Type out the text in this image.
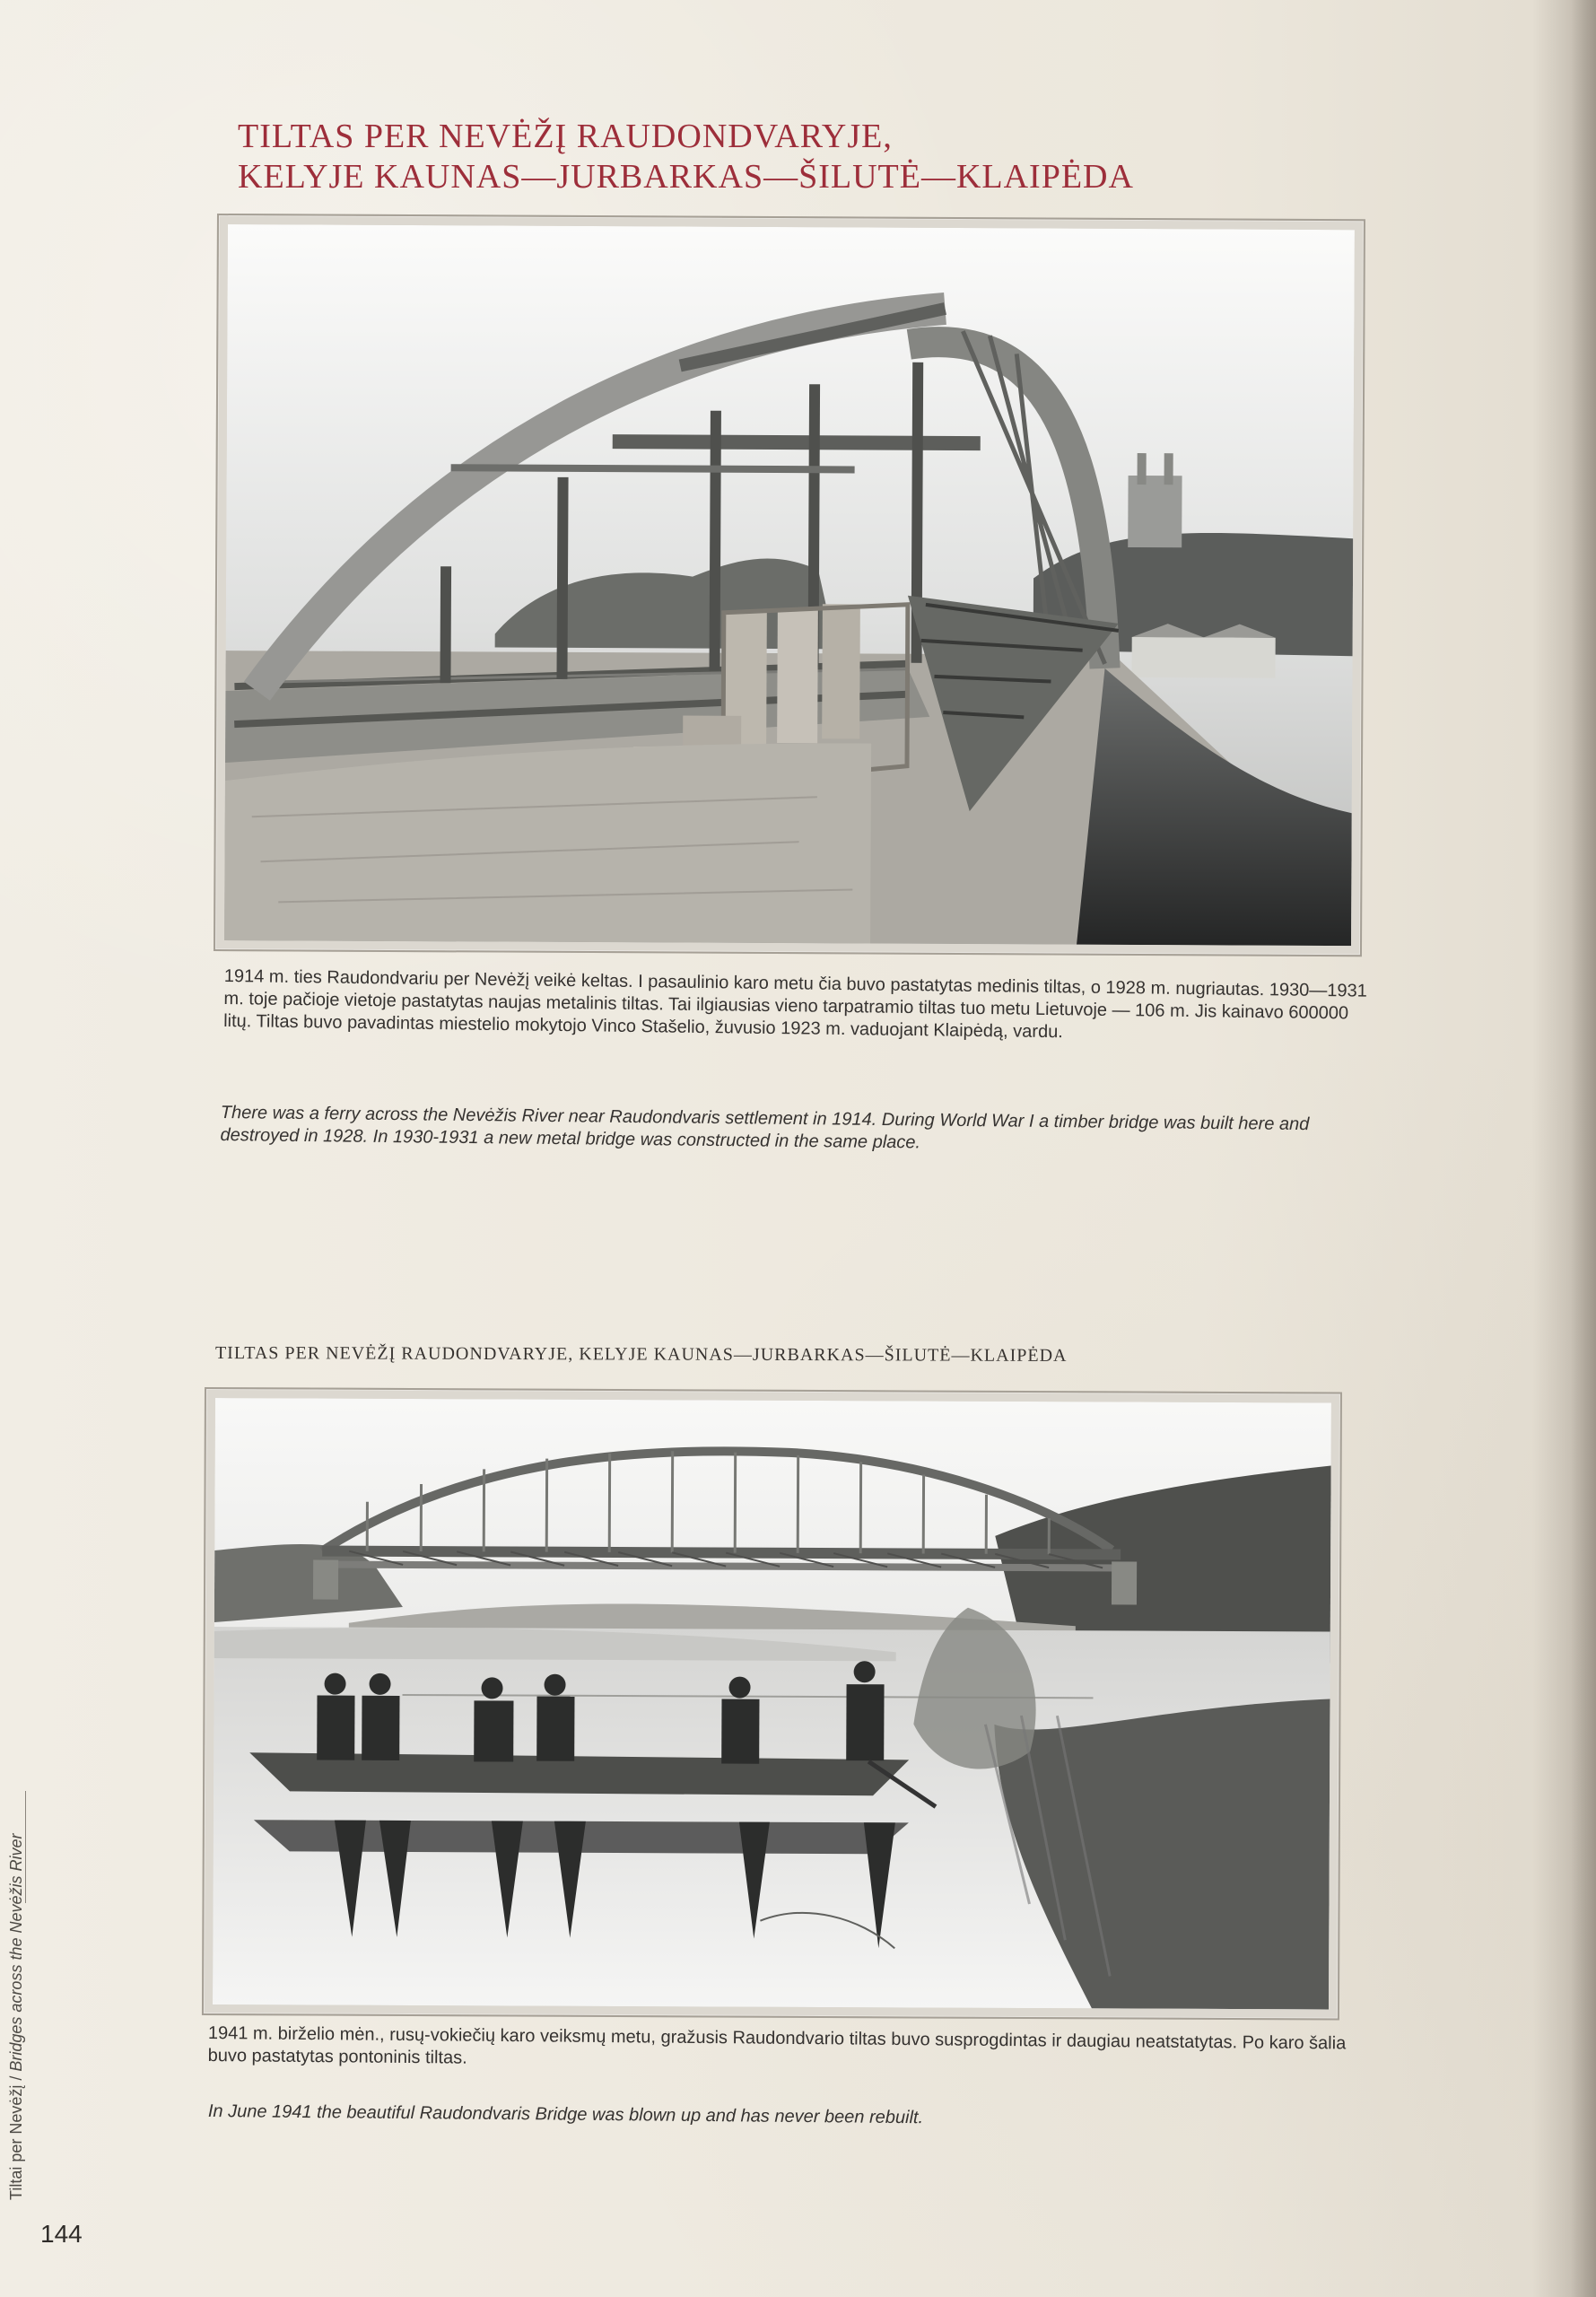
TILTAS PER NEVĖŽĮ RAUDONDVARYJE,
KELYJE KAUNAS—JURBARKAS—ŠILUTĖ—KLAIPĖDA
1914 m. ties Raudondvariu per Nevėžį veikė keltas. I pasaulinio karo metu čia buvo pastatytas medinis tiltas, o 1928 m. nugriautas. 1930—1931 m. toje pačioje vietoje pastatytas naujas metalinis tiltas. Tai ilgiausias vieno tarpatramio tiltas tuo metu Lietuvoje — 106 m. Jis kainavo 600000 litų. Tiltas buvo pavadintas miestelio mokytojo Vinco Stašelio, žuvusio 1923 m. vaduojant Klaipėdą, vardu.
There was a ferry across the Nevėžis River near Raudondvaris settlement in 1914. During World War I a timber bridge was built here and destroyed in 1928. In 1930-1931 a new metal bridge was constructed in the same place.
TILTAS PER NEVĖŽĮ RAUDONDVARYJE, KELYJE KAUNAS—JURBARKAS—ŠILUTĖ—KLAIPĖDA
1941 m. birželio mėn., rusų-vokiečių karo veiksmų metu, gražusis Raudondvario tiltas buvo susprogdintas ir daugiau neatstatytas. Po karo šalia buvo pastatytas pontoninis tiltas.
In June 1941 the beautiful Raudondvaris Bridge was blown up and has never been rebuilt.
Tiltai per Nevėžį / Bridges across the Nevėžis River
144
